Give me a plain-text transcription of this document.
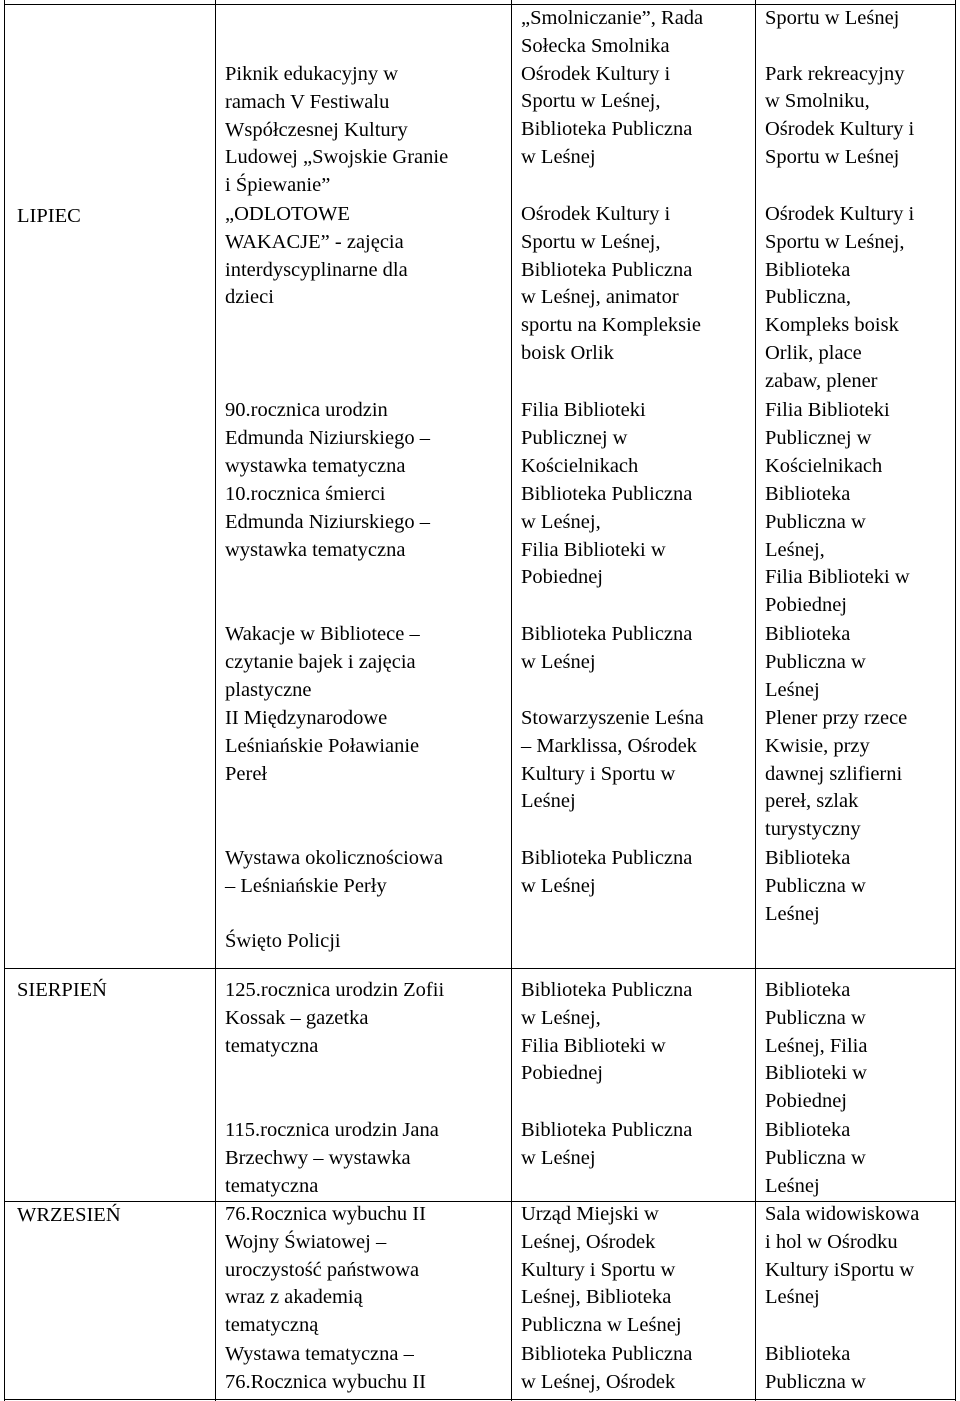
LIPIEC
SIERPIEŃ
WRZESIEŃ
Piknik edukacyjny w
ramach V Festiwalu
Współczesnej Kultury
Ludowej „Swojskie Granie
i Śpiewanie”
„Smolniczanie”, Rada
Sołecka Smolnika
Ośrodek Kultury i
Sportu w Leśnej,
Biblioteka Publiczna
w Leśnej
Sportu w Leśnej

Park rekreacyjny
w Smolniku,
Ośrodek Kultury i
Sportu w Leśnej
„ODLOTOWE
WAKACJE” - zajęcia
interdyscyplinarne dla
dzieci
Ośrodek Kultury i
Sportu w Leśnej,
Biblioteka Publiczna
w Leśnej, animator
sportu na Kompleksie
boisk Orlik
Ośrodek Kultury i
Sportu w Leśnej,
Biblioteka
Publiczna,
Kompleks boisk
Orlik, place
zabaw, plener
90.rocznica urodzin
Edmunda Niziurskiego –
wystawka tematyczna
Filia Biblioteki
Publicznej w
Kościelnikach
Filia Biblioteki
Publicznej w
Kościelnikach
10.rocznica śmierci
Edmunda Niziurskiego –
wystawka tematyczna
Biblioteka Publiczna
w Leśnej,
Filia Biblioteki w
Pobiednej
Biblioteka
Publiczna w
Leśnej,
Filia Biblioteki w
Pobiednej
Wakacje w Bibliotece –
czytanie bajek i zajęcia
plastyczne
Biblioteka Publiczna
w Leśnej
Biblioteka
Publiczna w
Leśnej
II Międzynarodowe
Leśniańskie Poławianie
Pereł
Stowarzyszenie Leśna
– Marklissa, Ośrodek
Kultury i Sportu w
Leśnej
Plener przy rzece
Kwisie, przy
dawnej szlifierni
pereł, szlak
turystyczny
Wystawa okolicznościowa
– Leśniańskie Perły

Święto Policji
Biblioteka Publiczna
w Leśnej
Biblioteka
Publiczna w
Leśnej
125.rocznica urodzin Zofii
Kossak – gazetka
tematyczna
Biblioteka Publiczna
w Leśnej,
Filia Biblioteki w
Pobiednej
Biblioteka
Publiczna w
Leśnej, Filia
Biblioteki w
Pobiednej
115.rocznica urodzin Jana
Brzechwy – wystawka
tematyczna
Biblioteka Publiczna
w Leśnej
Biblioteka
Publiczna w
Leśnej
76.Rocznica wybuchu II
Wojny Światowej –
uroczystość państwowa
wraz z akademią
tematyczną
Urząd Miejski w
Leśnej, Ośrodek
Kultury i Sportu w
Leśnej, Biblioteka
Publiczna w Leśnej
Sala widowiskowa
i hol w Ośrodku
Kultury iSportu w
Leśnej
Wystawa tematyczna –
76.Rocznica wybuchu II
Biblioteka Publiczna
w Leśnej, Ośrodek
Biblioteka
Publiczna w
